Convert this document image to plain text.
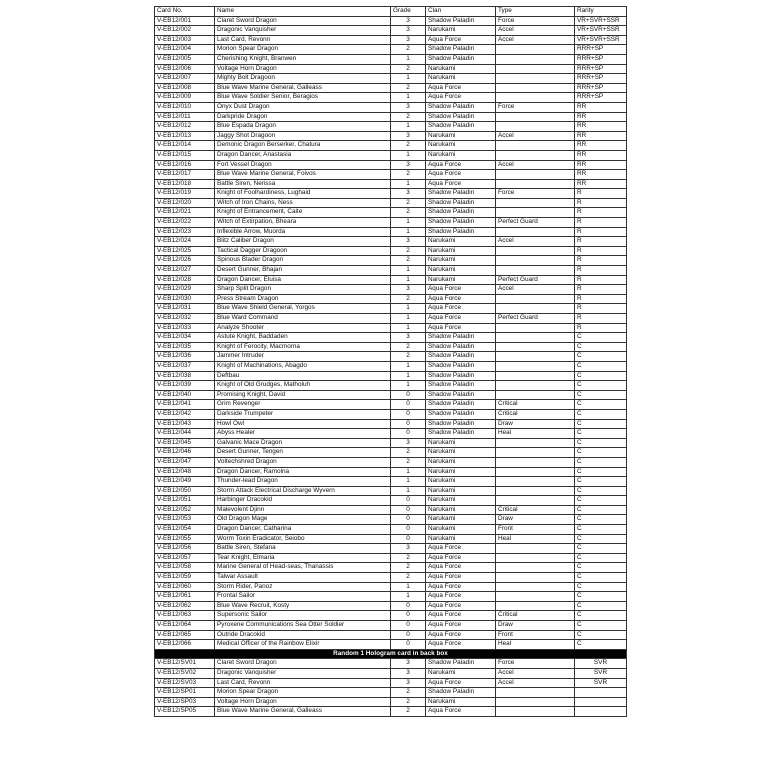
Card No.	Name	Grade	Clan	Type	Rarity
V-EB12/001	Claret Sword Dragon	3	Shadow Paladin	Force	VR+SVR+SSR
V-EB12/002	Dragonic Vanquisher	3	Narukami	Accel	VR+SVR+SSR
V-EB12/003	Last Card, Revonn	3	Aqua Force	Accel	VR+SVR+SSR
V-EB12/004	Morion Spear Dragon	2	Shadow Paladin		RRR+SP
V-EB12/005	Cherishing Knight, Branwen	1	Shadow Paladin		RRR+SP
V-EB12/006	Voltage Horn Dragon	2	Narukami		RRR+SP
V-EB12/007	Mighty Bolt Dragoon	1	Narukami		RRR+SP
V-EB12/008	Blue Wave Marine General, Galleass	2	Aqua Force		RRR+SP
V-EB12/009	Blue Wave Soldier Senior, Beragios	1	Aqua Force		RRR+SP
V-EB12/010	Onyx Dust Dragon	3	Shadow Paladin	Force	RR
V-EB12/011	Darkpride Dragon	2	Shadow Paladin		RR
V-EB12/012	Blue Espada Dragon	1	Shadow Paladin		RR
V-EB12/013	Jaggy Shot Dragoon	3	Narukami	Accel	RR
V-EB12/014	Demonic Dragon Berserker, Chatura	2	Narukami		RR
V-EB12/015	Dragon Dancer, Anastasia	1	Narukami		RR
V-EB12/016	Fort Vessel Dragon	3	Aqua Force	Accel	RR
V-EB12/017	Blue Wave Marine General, Foivos	2	Aqua Force		RR
V-EB12/018	Battle Siren, Nerissa	1	Aqua Force		RR
V-EB12/019	Knight of Foolhardiness, Lughaid	3	Shadow Paladin	Force	R
V-EB12/020	Witch of Iron Chains, Ness	2	Shadow Paladin		R
V-EB12/021	Knight of Entrancement, Caite	2	Shadow Paladin		R
V-EB12/022	Witch of Extirpation, Bheara	1	Shadow Paladin	Perfect Guard	R
V-EB12/023	Inflexible Arrow, Muorda	1	Shadow Paladin		R
V-EB12/024	Blitz Caliber Dragon	3	Narukami	Accel	R
V-EB12/025	Tactical Dagger Dragoon	2	Narukami		R
V-EB12/026	Spinous Blader Dragon	2	Narukami		R
V-EB12/027	Desert Gunner, Bhajan	1	Narukami		R
V-EB12/028	Dragon Dancer, Eluisa	1	Narukami	Perfect Guard	R
V-EB12/029	Sharp Split Dragon	3	Aqua Force	Accel	R
V-EB12/030	Press Stream Dragon	2	Aqua Force		R
V-EB12/031	Blue Wave Shield General, Yorgos	1	Aqua Force		R
V-EB12/032	Blue Ward Command	1	Aqua Force	Perfect Guard	R
V-EB12/033	Analyze Shooter	1	Aqua Force		R
V-EB12/034	Astute Knight, Baddaden	3	Shadow Paladin		C
V-EB12/035	Knight of Ferocity, Macmorna	2	Shadow Paladin		C
V-EB12/036	Jammer Intruder	2	Shadow Paladin		C
V-EB12/037	Knight of Machinations, Abagdo	1	Shadow Paladin		C
V-EB12/038	Deftbau	1	Shadow Paladin		C
V-EB12/039	Knight of Old Grudges, Matholuh	1	Shadow Paladin		C
V-EB12/040	Promising Knight, David	0	Shadow Paladin		C
V-EB12/041	Grim Revenger	0	Shadow Paladin	Critical	C
V-EB12/042	Darkside Trumpeter	0	Shadow Paladin	Critical	C
V-EB12/043	Howl Owl	0	Shadow Paladin	Draw	C
V-EB12/044	Abyss Healer	0	Shadow Paladin	Heal	C
V-EB12/045	Galvanic Mace Dragon	3	Narukami		C
V-EB12/046	Desert Gunner, Tengen	2	Narukami		C
V-EB12/047	Voltechshred Dragon	2	Narukami		C
V-EB12/048	Dragon Dancer, Ramolna	1	Narukami		C
V-EB12/049	Thunder-lead Dragon	1	Narukami		C
V-EB12/050	Storm Attack Electrical Discharge Wyvern	1	Narukami		C
V-EB12/051	Harbinger Dracokid	0	Narukami		C
V-EB12/052	Malevolent Djinn	0	Narukami	Critical	C
V-EB12/053	Old Dragon Mage	0	Narukami	Draw	C
V-EB12/054	Dragon Dancer, Catharina	0	Narukami	Front	C
V-EB12/055	Worm Toxin Eradicator, Seiobo	0	Narukami	Heal	C
V-EB12/056	Battle Siren, Stefana	3	Aqua Force		C
V-EB12/057	Tear Knight, Elmaria	2	Aqua Force		C
V-EB12/058	Marine General of Head-seas, Thanassis	2	Aqua Force		C
V-EB12/059	Talwar Assault	2	Aqua Force		C
V-EB12/060	Storm Rider, Panoz	1	Aqua Force		C
V-EB12/061	Frontal Sailor	1	Aqua Force		C
V-EB12/062	Blue Wave Recruit, Kosty	0	Aqua Force		C
V-EB12/063	Supersonic Sailor	0	Aqua Force	Critical	C
V-EB12/064	Pyroxene Communications Sea Otter Soldier	0	Aqua Force	Draw	C
V-EB12/065	Outride Dracokid	0	Aqua Force	Front	C
V-EB12/066	Medical Officer of the Rainbow Elixir	0	Aqua Force	Heal	C
Random 1 Hologram card in back box					
V-EB12/SV01	Claret Sword Dragon	3	Shadow Paladin	Force	SVR
V-EB12/SV02	Dragonic Vanquisher	3	Narukami	Accel	SVR
V-EB12/SV03	Last Card, Revonn	3	Aqua Force	Accel	SVR
V-EB12/SP01	Morion Spear Dragon	2	Shadow Paladin		
V-EB12/SP03	Voltage Horn Dragon	2	Narukami		
V-EB12/SP05	Blue Wave Marine General, Galleass	2	Aqua Force		
